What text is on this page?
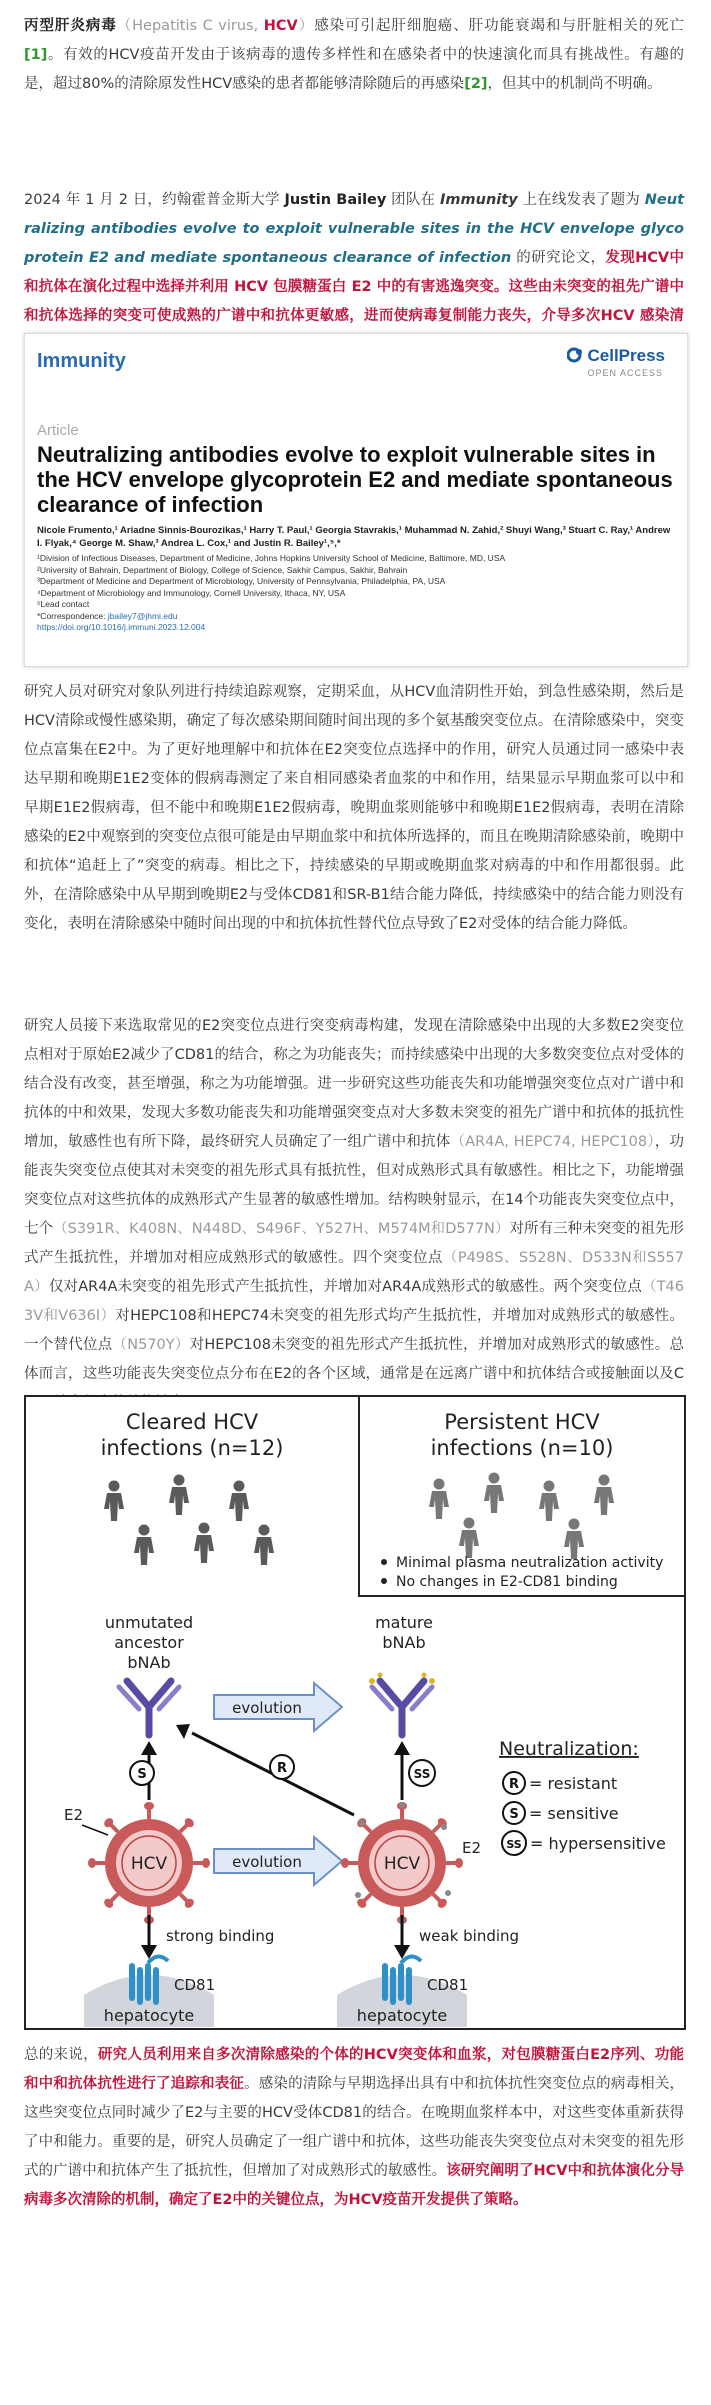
丙型肝炎病毒（Hepatitis C virus, HCV）感染可引起肝细胞癌、肝功能衰竭和与肝脏相关的死亡[1]。有效的HCV疫苗开发由于该病毒的遗传多样性和在感染者中的快速演化而具有挑战性。有趣的是，超过80%的清除原发性HCV感染的患者都能够清除随后的再感染[2]，但其中的机制尚不明确。
2024 年 1 月 2 日，约翰霍普金斯大学 Justin Bailey 团队在 Immunity 上在线发表了题为 Neutralizing antibodies evolve to exploit vulnerable sites in the HCV envelope glycoprotein E2 and mediate spontaneous clearance of infection 的研究论文，发现HCV中和抗体在演化过程中选择并利用 HCV 包膜糖蛋白 E2 中的有害逃逸突变。这些由未突变的祖先广谱中和抗体选择的突变可使成熟的广谱中和抗体更敏感，进而使病毒复制能力丧失，介导多次HCV 感染清
Immunity	CellPress
OPEN ACCESS
Article
Neutralizing antibodies evolve to exploit vulnerable sites in the HCV envelope glycoprotein E2 and mediate spontaneous clearance of infection
Nicole Frumento,¹ Ariadne Sinnis-Bourozikas,¹ Harry T. Paul,¹ Georgia Stavrakis,¹ Muhammad N. Zahid,² Shuyi Wang,³ Stuart C. Ray,¹ Andrew I. Flyak,⁴ George M. Shaw,³ Andrea L. Cox,¹ and Justin R. Bailey¹,⁵,*
¹Division of Infectious Diseases, Department of Medicine, Johns Hopkins University School of Medicine, Baltimore, MD, USA
²University of Bahrain, Department of Biology, College of Science, Sakhir Campus, Sakhir, Bahrain
³Department of Medicine and Department of Microbiology, University of Pennsylvania, Philadelphia, PA, USA
⁴Department of Microbiology and Immunology, Cornell University, Ithaca, NY, USA
⁵Lead contact
*Correspondence: jbailey7@jhmi.edu
https://doi.org/10.1016/j.immuni.2023.12.004
研究人员对研究对象队列进行持续追踪观察，定期采血，从HCV血清阴性开始，到急性感染期，然后是HCV清除或慢性感染期，确定了每次感染期间随时间出现的多个氨基酸突变位点。在清除感染中，突变位点富集在E2中。为了更好地理解中和抗体在E2突变位点选择中的作用，研究人员通过同一感染中表达早期和晚期E1E2变体的假病毒测定了来自相同感染者血浆的中和作用，结果显示早期血浆可以中和早期E1E2假病毒，但不能中和晚期E1E2假病毒，晚期血浆则能够中和晚期E1E2假病毒，表明在清除感染的E2中观察到的突变位点很可能是由早期血浆中和抗体所选择的，而且在晚期清除感染前，晚期中和抗体“追赶上了”突变的病毒。相比之下，持续感染的早期或晚期血浆对病毒的中和作用都很弱。此外，在清除感染中从早期到晚期E2与受体CD81和SR-B1结合能力降低，持续感染中的结合能力则没有变化，表明在清除感染中随时间出现的中和抗体抗性替代位点导致了E2对受体的结合能力降低。
研究人员接下来选取常见的E2突变位点进行突变病毒构建，发现在清除感染中出现的大多数E2突变位点相对于原始E2减少了CD81的结合，称之为功能丧失；而持续感染中出现的大多数突变位点对受体的结合没有改变，甚至增强，称之为功能增强。进一步研究这些功能丧失和功能增强突变位点对广谱中和抗体的中和效果，发现大多数功能丧失和功能增强突变点对大多数未突变的祖先广谱中和抗体的抵抗性增加，敏感性也有所下降，最终研究人员确定了一组广谱中和抗体（AR4A, HEPC74, HEPC108），功能丧失突变位点使其对未突变的祖先形式具有抵抗性，但对成熟形式具有敏感性。相比之下，功能增强突变位点对这些抗体的成熟形式产生显著的敏感性增加。结构映射显示，在14个功能丧失突变位点中，七个（S391R、K408N、N448D、S496F、Y527H、M574M和D577N）对所有三种未突变的祖先形式产生抵抗性，并增加对相应成熟形式的敏感性。四个突变位点（P498S、S528N、D533N和S557A）仅对AR4A未突变的祖先形式产生抵抗性，并增加对AR4A成熟形式的敏感性。两个突变位点（T463V和V636I）对HEPC108和HEPC74未突变的祖先形式均产生抵抗性，并增加对成熟形式的敏感性。一个替代位点（N570Y）对HEPC108未突变的祖先形式产生抵抗性，并增加对成熟形式的敏感性。总体而言，这些功能丧失突变位点分布在E2的各个区域，通常是在远离广谱中和抗体结合或接触面以及C
Cleared HCV
infections (n=12)
Persistent HCV
infections (n=10)
Minimal plasma neutralization activity
No changes in E2-CD81 binding
unmutated
ancestor
bNAb
mature
bNAb
evolution
evolution
S	R	SS
HCV
E2
HCV
E2
strong binding	weak binding
hepatocyte	hepatocyte
CD81	CD81
Neutralization:
R = resistant
S = sensitive
SS = hypersensitive
总的来说，研究人员利用来自多次清除感染的个体的HCV突变体和血浆，对包膜糖蛋白E2序列、功能和中和抗体抗性进行了追踪和表征。感染的清除与早期选择出具有中和抗体抗性突变位点的病毒相关，这些突变位点同时减少了E2与主要的HCV受体CD81的结合。在晚期血浆样本中，对这些变体重新获得了中和能力。重要的是，研究人员确定了一组广谱中和抗体，这些功能丧失突变位点对未突变的祖先形式的广谱中和抗体产生了抵抗性，但增加了对成熟形式的敏感性。该研究阐明了HCV中和抗体演化分导病毒多次清除的机制，确定了E2中的关键位点，为HCV疫苗开发提供了策略。
